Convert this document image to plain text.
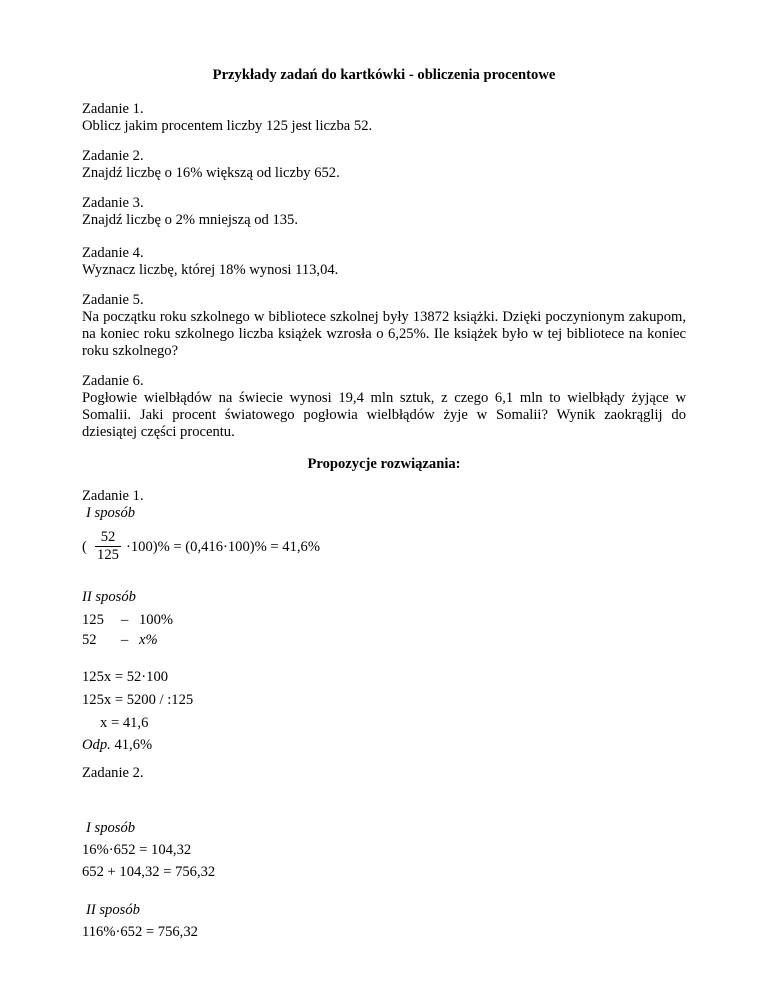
Przykłady zadań do kartkówki - obliczenia procentowe
Zadanie 1.
Oblicz jakim procentem liczby 125 jest liczba 52.
Zadanie 2.
Znajdź liczbę o 16% większą od liczby 652.
Zadanie 3.
Znajdź liczbę o 2% mniejszą od 135.
Zadanie 4.
Wyznacz liczbę, której 18% wynosi 113,04.
Zadanie 5.
Na początku roku szkolnego w bibliotece szkolnej były 13872 książki. Dzięki poczynionym zakupom, na koniec roku szkolnego liczba książek wzrosła o 6,25%. Ile książek było w tej bibliotece na koniec roku szkolnego?
Zadanie 6.
Pogłowie wielbłądów na świecie wynosi 19,4 mln sztuk, z czego 6,1 mln to wielbłądy żyjące w Somalii. Jaki procent światowego pogłowia wielbłądów żyje w Somalii? Wynik zaokrąglij do dziesiątej części procentu.
Propozycje rozwiązania:
Zadanie 1.
I sposób
(
52
125 ·100)% = (0,416·100)% = 41,6%
II sposób
125 – 100%
52 – x%
125x = 52·100
125x = 5200 / :125
x = 41,6
Odp. 41,6%
Zadanie 2.
I sposób
16%·652 = 104,32
652 + 104,32 = 756,32
II sposób
116%·652 = 756,32
